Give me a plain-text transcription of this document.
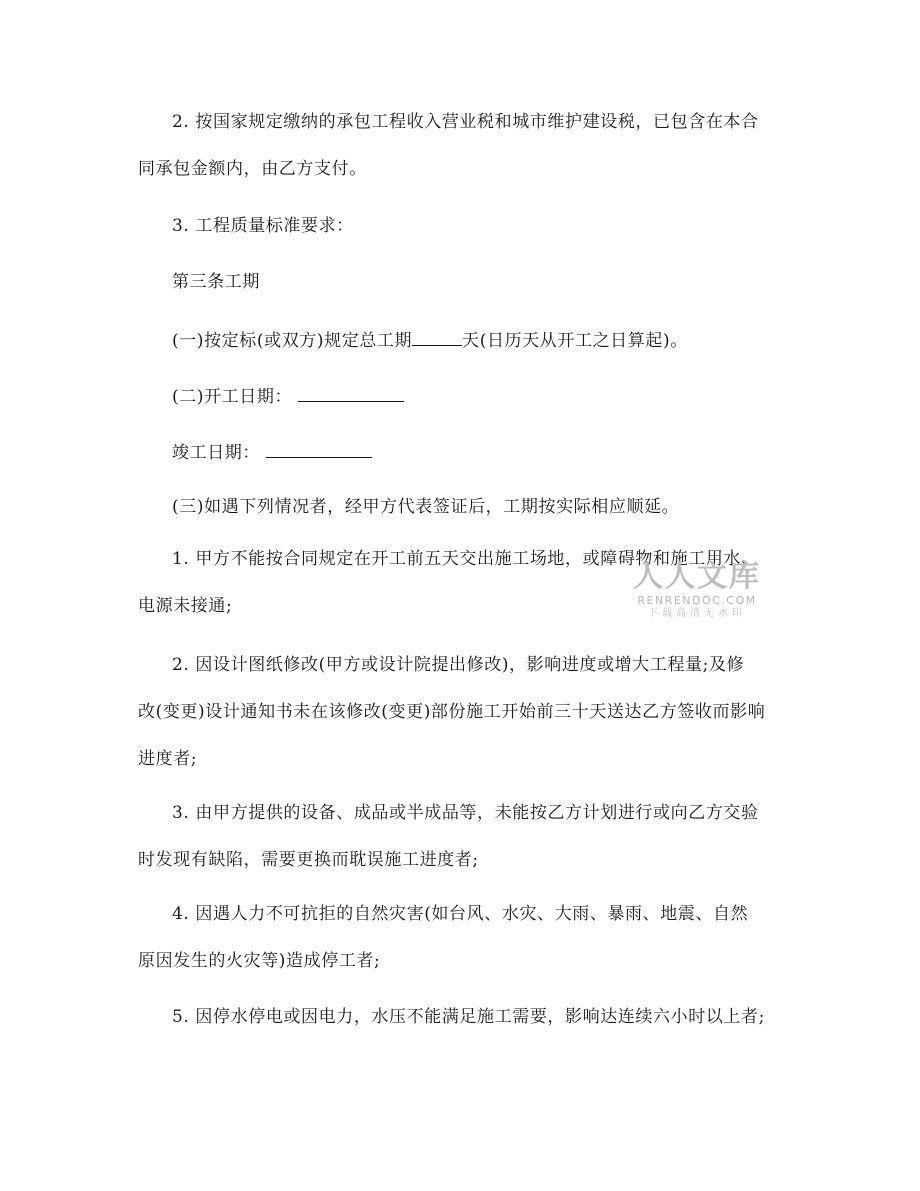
2. 按国家规定缴纳的承包工程收入营业税和城市维护建设税，已包含在本合
同承包金额内，由乙方支付。
3. 工程质量标准要求：
第三条工期
(一)按定标(或双方)规定总工期	天(日历天从开工之日算起)。
(二)开工日期：
竣工日期：
(三)如遇下列情况者，经甲方代表签证后，工期按实际相应顺延。
1. 甲方不能按合同规定在开工前五天交出施工场地，或障碍物和施工用水、
电源未接通;
2. 因设计图纸修改(甲方或设计院提出修改)，影响进度或增大工程量;及修
改(变更)设计通知书未在该修改(变更)部份施工开始前三十天送达乙方签收而影响
进度者;
3. 由甲方提供的设备、成品或半成品等，未能按乙方计划进行或向乙方交验
时发现有缺陷，需要更换而耽误施工进度者;
4. 因遇人力不可抗拒的自然灾害(如台风、水灾、大雨、暴雨、地震、自然
原因发生的火灾等)造成停工者;
5. 因停水停电或因电力，水压不能满足施工需要，影响达连续六小时以上者;
人人文库
RENRENDOC.COM
下载高清无水印
